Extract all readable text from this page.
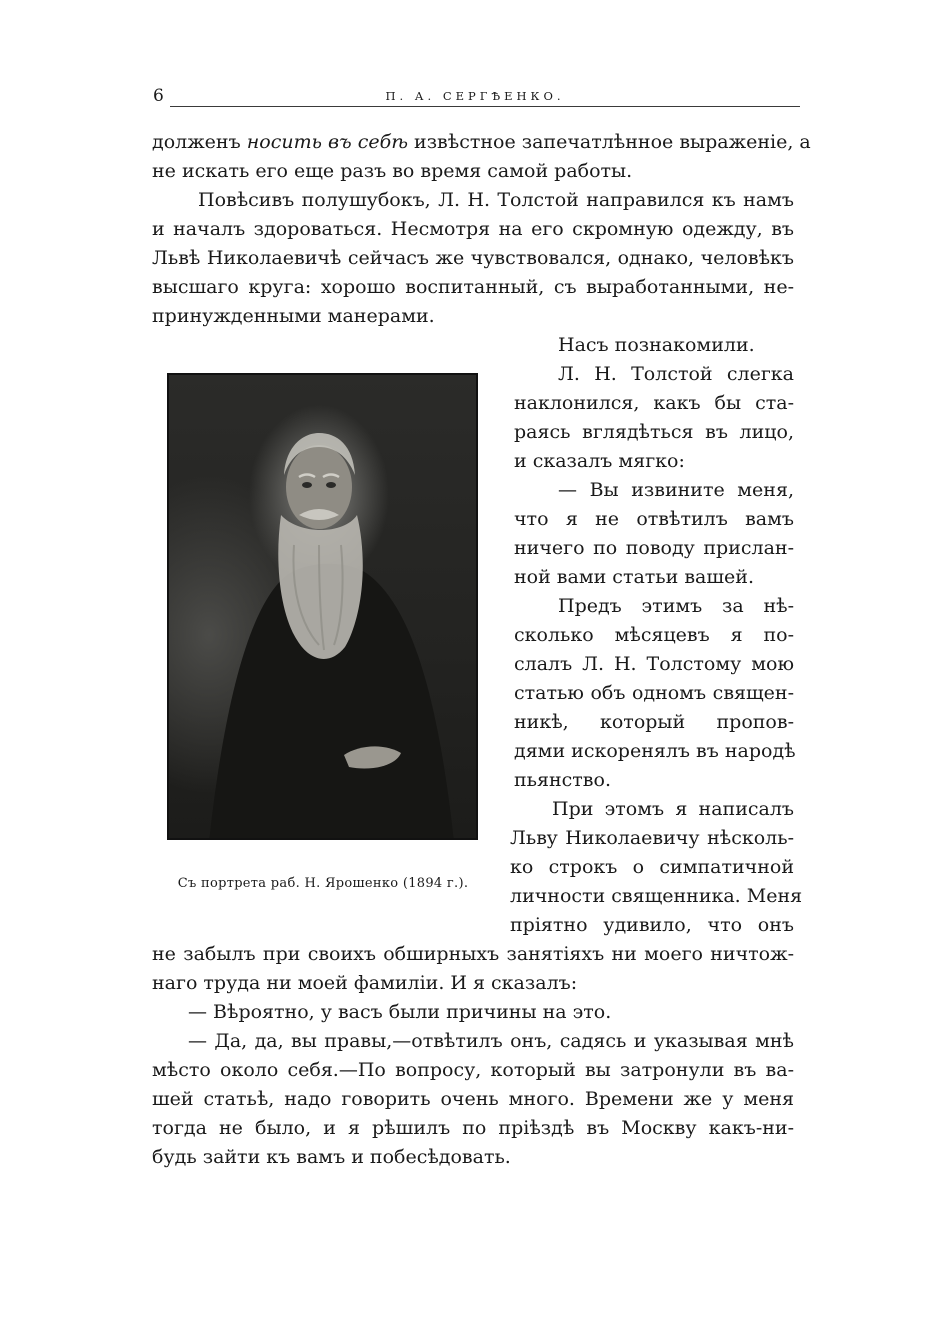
6	П. А. СЕРГѢЕНКО.
долженъ носить въ себѣ извѣстное запечатлѣнное выраженіе, а
не искать его еще разъ во время самой работы.
Повѣсивъ полушубокъ, Л. Н. Толстой направился къ намъ
и началъ здороваться. Несмотря на его скромную одежду, въ
Львѣ Николаевичѣ сейчасъ же чувствовался, однако, человѣкъ
высшаго круга: хорошо воспитанный, съ выработанными, не-
принужденными манерами.
Насъ познакомили.
Л. Н. Толстой слегка
наклонился, какъ бы ста-
раясь вглядѣться въ лицо,
и сказалъ мягко:
— Вы извините меня,
что я не отвѣтилъ вамъ
ничего по поводу прислан-
ной вами статьи вашей.
Предъ этимъ за нѣ-
сколько мѣсяцевъ я по-
слалъ Л. Н. Толстому мою
статью объ одномъ священ-
никѣ, который пропов-
дями искоренялъ въ народѣ
пьянство.
При этомъ я написалъ
Львy Николаевичу нѣсколь-
ко строкъ о симпатичной
личности священника. Меня
пріятно удивило, что онъ
не забылъ при своихъ обширныхъ занятіяхъ ни моего ничтож-
наго труда ни моей фамиліи. И я сказалъ:
— Вѣроятно, у васъ были причины на это.
— Да, да, вы правы,—отвѣтилъ онъ, садясь и указывая мнѣ
мѣсто около себя.—По вопросу, который вы затронули въ ва-
шей статьѣ, надо говорить очень много. Времени же у меня
тогда не было, и я рѣшилъ по пріѣздѣ въ Москву какъ-ни-
будь зайти къ вамъ и побесѣдовать.
Съ портрета раб. Н. Ярошенко (1894 г.).
